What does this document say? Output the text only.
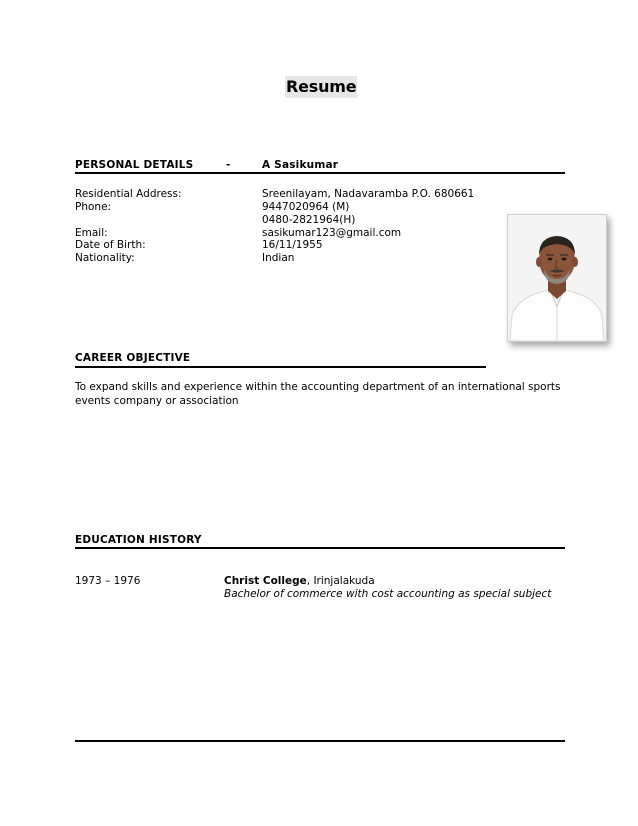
Resume
PERSONAL DETAILS	-	A Sasikumar
Residential Address:	Sreenilayam, Nadavaramba P.O. 680661
Phone:	9447020964 (M)
0480-2821964(H)
Email:	sasikumar123@gmail.com
Date of Birth:	16/11/1955
Nationality:	Indian
CAREER OBJECTIVE
To expand skills and experience within the accounting department of an international sports
events company or association
EDUCATION HISTORY
1973 – 1976	Christ College, Irinjalakuda
Bachelor of commerce with cost accounting as special subject
